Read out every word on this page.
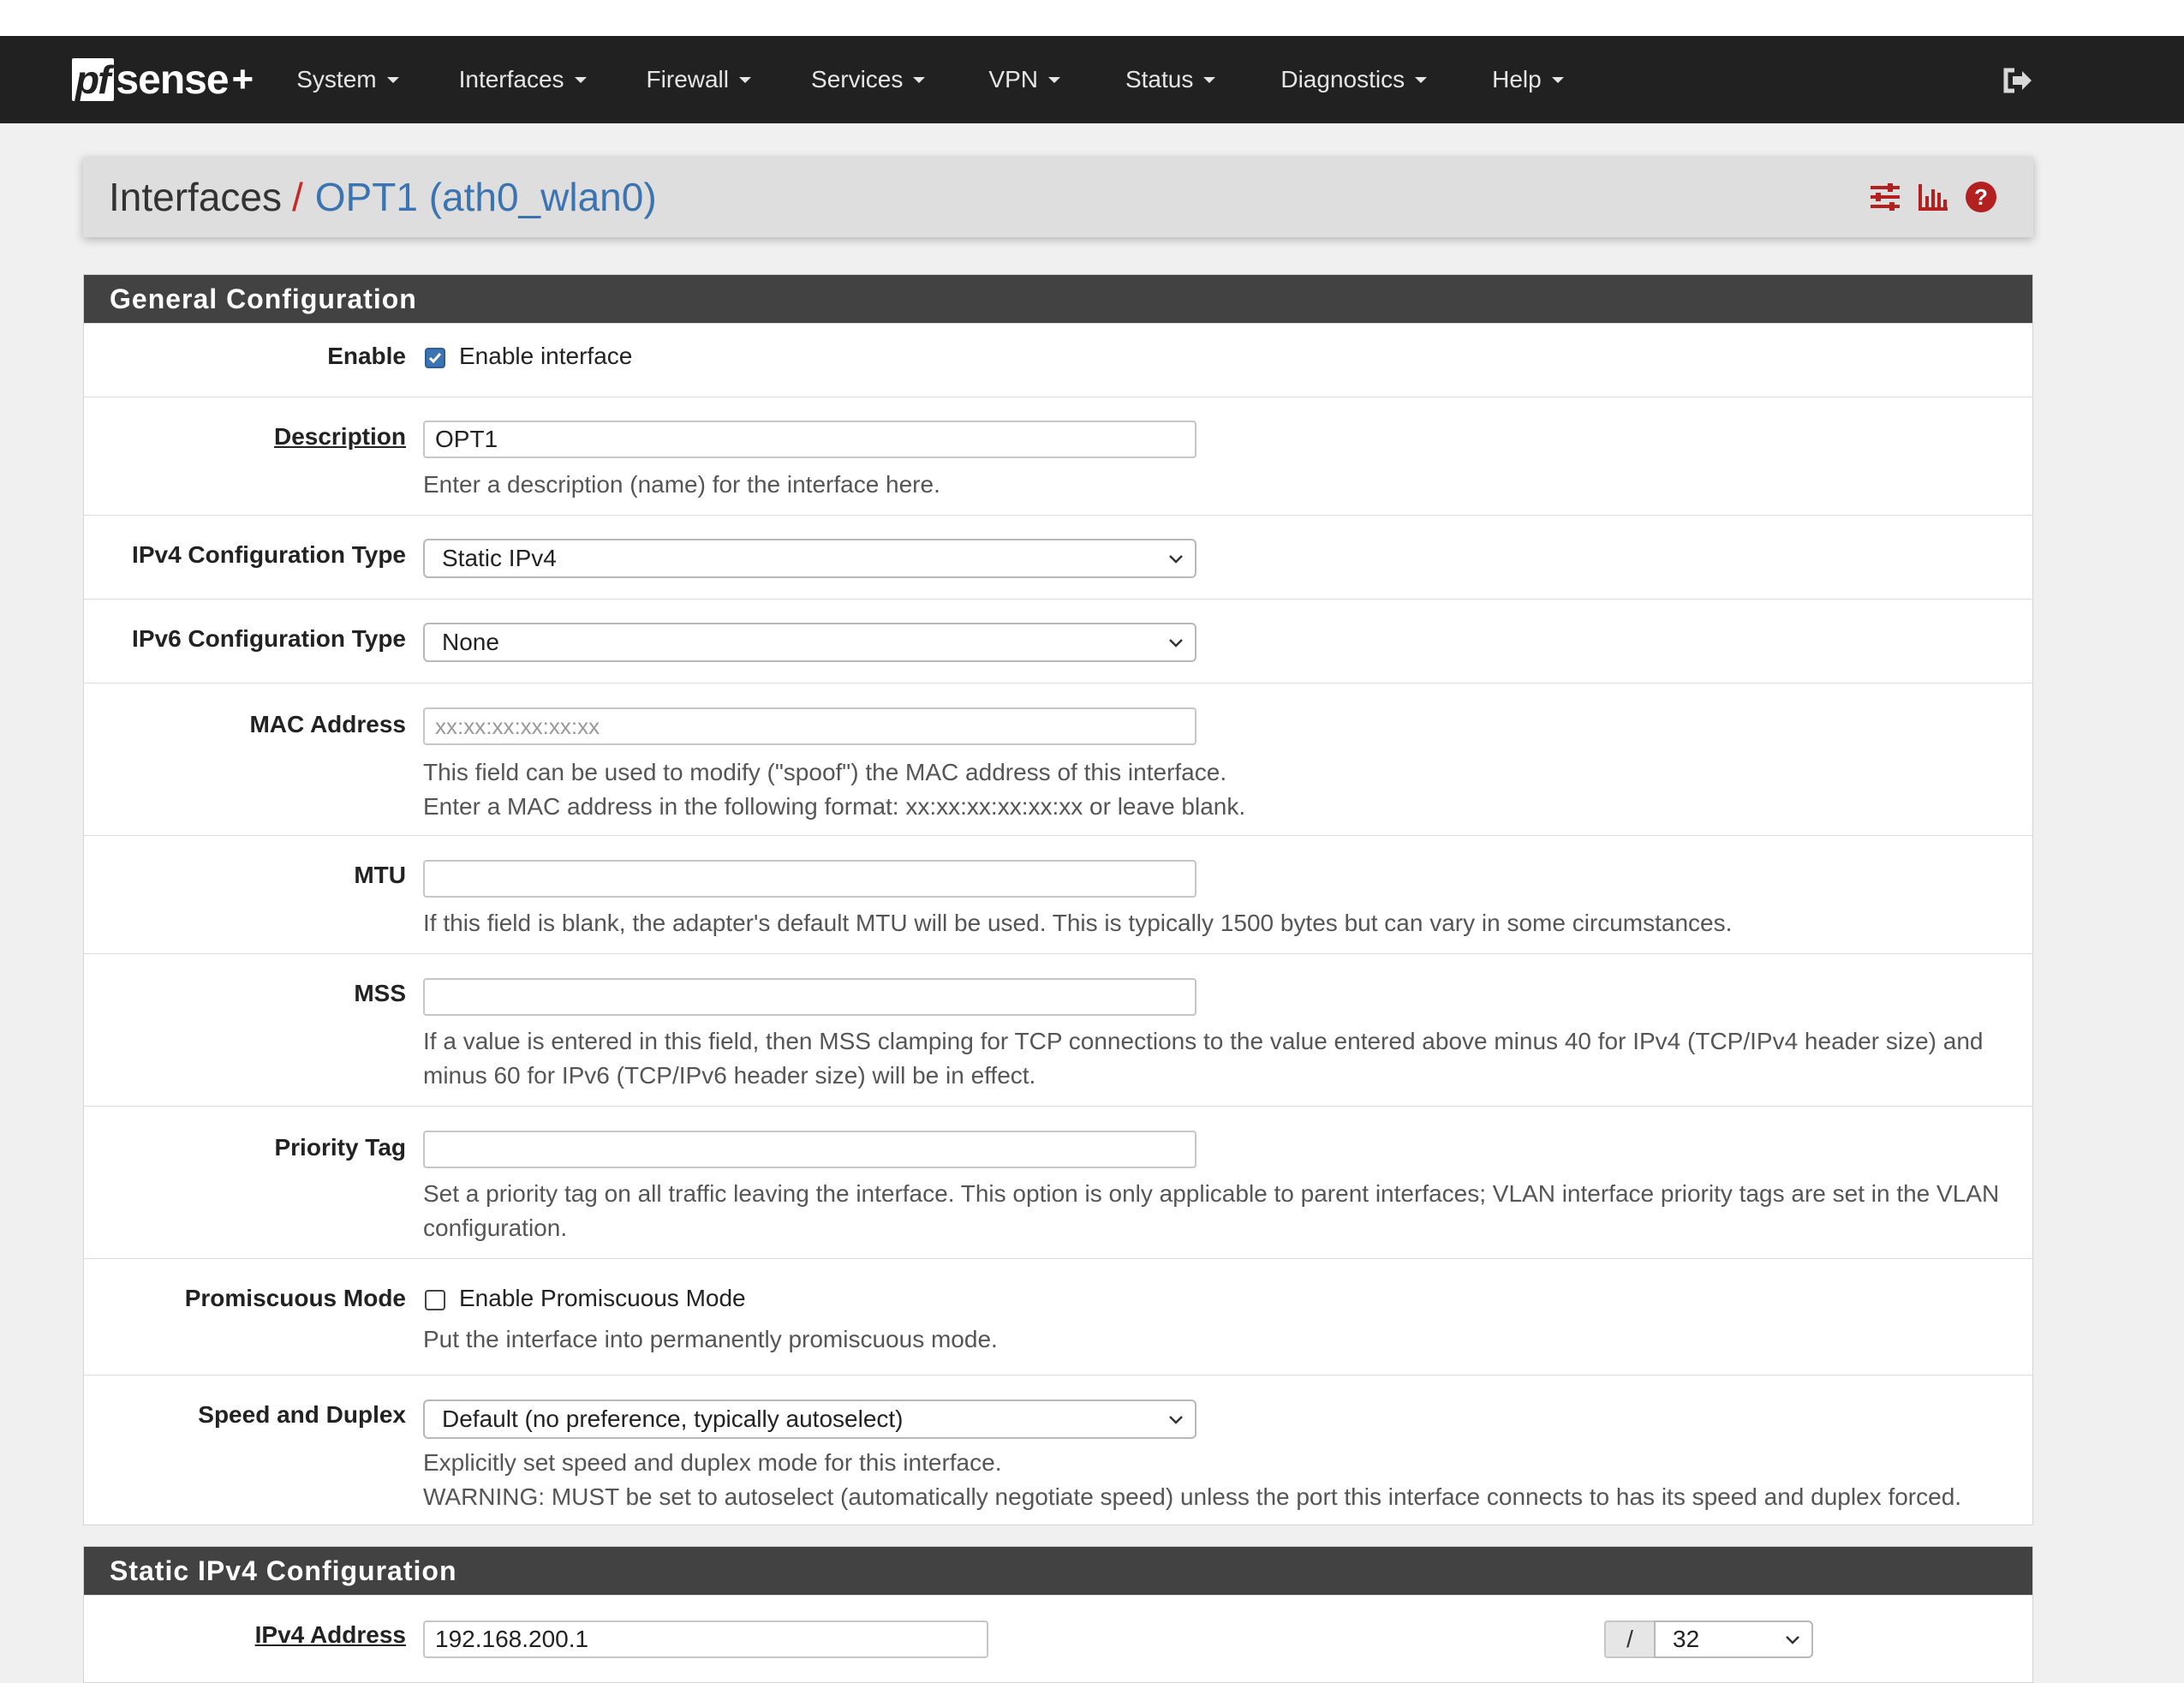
pf sense + System	Interfaces	Firewall	Services	VPN	Status	Diagnostics	Help
Interfaces / OPT1 (ath0_wlan0)	?
General Configuration
Enable Enable interface
Description	OPT1
Enter a description (name) for the interface here.
IPv4 Configuration Type	Static IPv4
IPv6 Configuration Type	None
MAC Address	xx:xx:xx:xx:xx:xx
This field can be used to modify ("spoof") the MAC address of this interface.
Enter a MAC address in the following format: xx:xx:xx:xx:xx:xx or leave blank.
MTU
If this field is blank, the adapter's default MTU will be used. This is typically 1500 bytes but can vary in some circumstances.
MSS
If a value is entered in this field, then MSS clamping for TCP connections to the value entered above minus 40 for IPv4 (TCP/IPv4 header size) and
minus 60 for IPv6 (TCP/IPv6 header size) will be in effect.
Priority Tag
Set a priority tag on all traffic leaving the interface. This option is only applicable to parent interfaces; VLAN interface priority tags are set in the VLAN
configuration.
Promiscuous Mode Enable Promiscuous Mode
Put the interface into permanently promiscuous mode.
Speed and Duplex	Default (no preference, typically autoselect)
Explicitly set speed and duplex mode for this interface.
WARNING: MUST be set to autoselect (automatically negotiate speed) unless the port this interface connects to has its speed and duplex forced.
Static IPv4 Configuration
IPv4 Address	192.168.200.1	/	32
